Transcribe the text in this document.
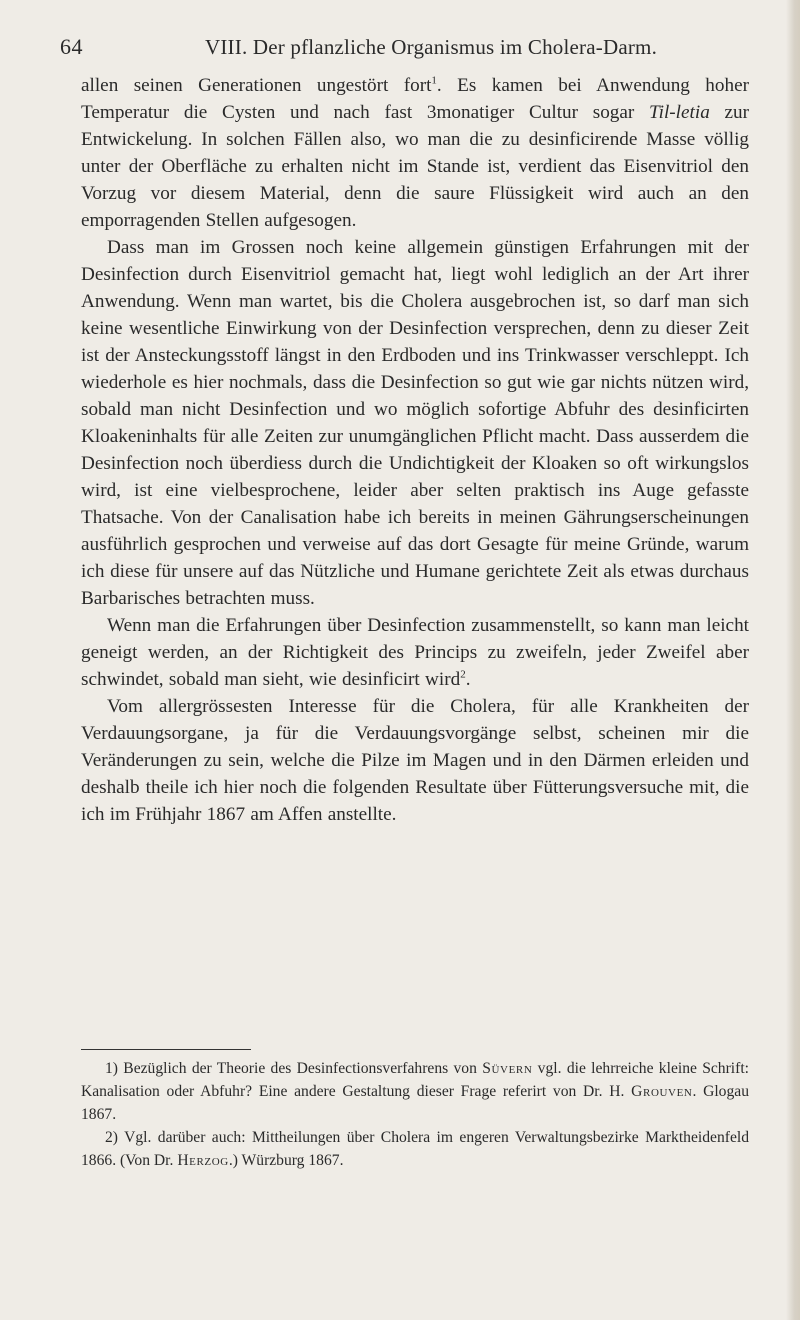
64	VIII. Der pflanzliche Organismus im Cholera-Darm.

allen seinen Generationen ungestört fort$^1$. Es kamen bei Anwendung hoher Temperatur die Cysten und nach fast 3monatiger Cultur sogar Til-letia zur Entwickelung. In solchen Fällen also, wo man die zu desinficirende Masse völlig unter der Oberfläche zu erhalten nicht im Stande ist, verdient das Eisenvitriol den Vorzug vor diesem Material, denn die saure Flüssigkeit wird auch an den emporragenden Stellen aufgesogen.

Dass man im Grossen noch keine allgemein günstigen Erfahrungen mit der Desinfection durch Eisenvitriol gemacht hat, liegt wohl lediglich an der Art ihrer Anwendung. Wenn man wartet, bis die Cholera ausgebrochen ist, so darf man sich keine wesentliche Einwirkung von der Desinfection versprechen, denn zu dieser Zeit ist der Ansteckungsstoff längst in den Erdboden und ins Trinkwasser verschleppt. Ich wiederhole es hier nochmals, dass die Desinfection so gut wie gar nichts nützen wird, sobald man nicht Desinfection und wo möglich sofortige Abfuhr des desinficirten Kloakeninhalts für alle Zeiten zur unumgänglichen Pflicht macht. Dass ausserdem die Desinfection noch überdiess durch die Undichtigkeit der Kloaken so oft wirkungslos wird, ist eine vielbesprochene, leider aber selten praktisch ins Auge gefasste Thatsache. Von der Canalisation habe ich bereits in meinen Gährungserscheinungen ausführlich gesprochen und verweise auf das dort Gesagte für meine Gründe, warum ich diese für unsere auf das Nützliche und Humane gerichtete Zeit als etwas durchaus Barbarisches betrachten muss.

Wenn man die Erfahrungen über Desinfection zusammenstellt, so kann man leicht geneigt werden, an der Richtigkeit des Princips zu zweifeln, jeder Zweifel aber schwindet, sobald man sieht, wie desinficirt wird$^2$.

Vom allergrössesten Interesse für die Cholera, für alle Krankheiten der Verdauungsorgane, ja für die Verdauungsvorgänge selbst, scheinen mir die Veränderungen zu sein, welche die Pilze im Magen und in den Därmen erleiden und deshalb theile ich hier noch die folgenden Resultate über Fütterungsversuche mit, die ich im Frühjahr 1867 am Affen anstellte.

1) Bezüglich der Theorie des Desinfectionsverfahrens von Süvern vgl. die lehrreiche kleine Schrift: Kanalisation oder Abfuhr? Eine andere Gestaltung dieser Frage referirt von Dr. H. Grouven. Glogau 1867.

2) Vgl. darüber auch: Mittheilungen über Cholera im engeren Verwaltungsbezirke Marktheidenfeld 1866. (Von Dr. Herzog.) Würzburg 1867.
